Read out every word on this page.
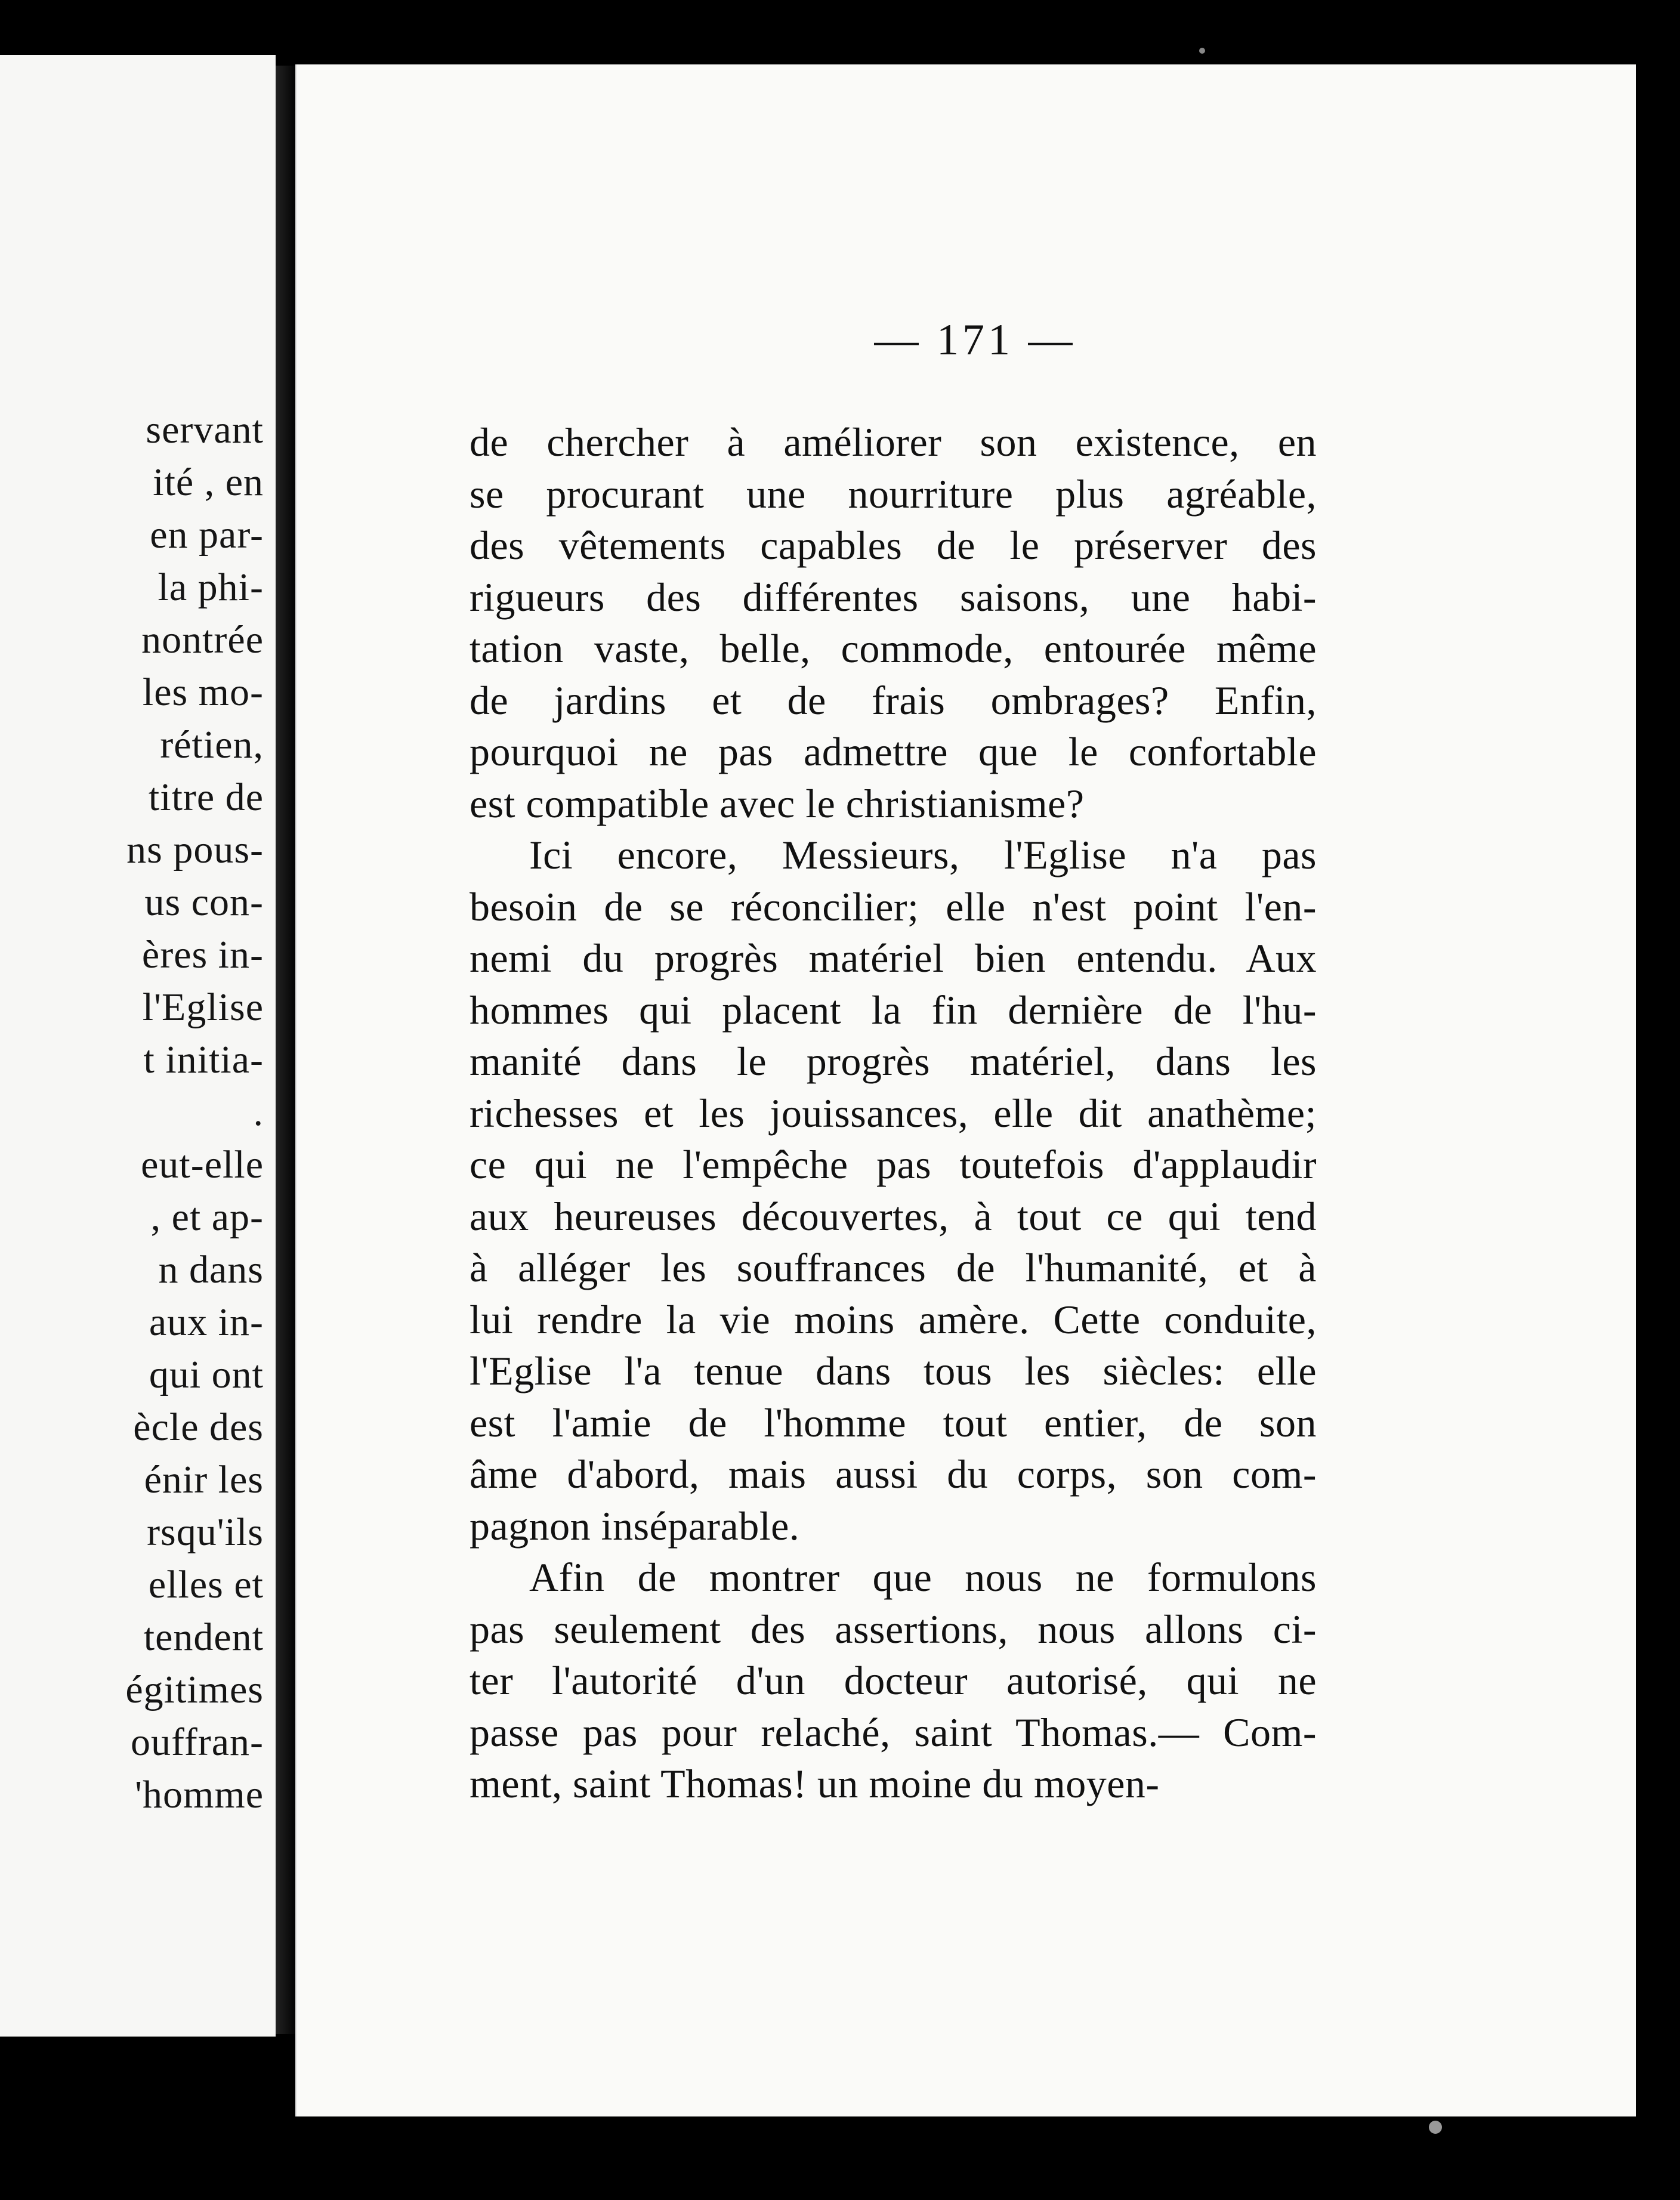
servant
ité , en
en par-
la phi-
nontrée
les mo-
rétien,
titre de
ns pous-
us con-
ères in-
l'Eglise
t initia-
.
eut-elle
, et ap-
n dans
aux in-
qui ont
ècle des
énir les
rsqu'ils
elles et
tendent
égitimes
ouffran-
'homme
— 171 —
de chercher à améliorer son existence, en
se procurant une nourriture plus agréable,
des vêtements capables de le préserver des
rigueurs des différentes saisons, une habi-
tation vaste, belle, commode, entourée même
de jardins et de frais ombrages? Enfin,
pourquoi ne pas admettre que le confortable
est compatible avec le christianisme?
Ici encore, Messieurs, l'Eglise n'a pas
besoin de se réconcilier; elle n'est point l'en-
nemi du progrès matériel bien entendu. Aux
hommes qui placent la fin dernière de l'hu-
manité dans le progrès matériel, dans les
richesses et les jouissances, elle dit anathème;
ce qui ne l'empêche pas toutefois d'applaudir
aux heureuses découvertes, à tout ce qui tend
à alléger les souffrances de l'humanité, et à
lui rendre la vie moins amère. Cette conduite,
l'Eglise l'a tenue dans tous les siècles: elle
est l'amie de l'homme tout entier, de son
âme d'abord, mais aussi du corps, son com-
pagnon inséparable.
Afin de montrer que nous ne formulons
pas seulement des assertions, nous allons ci-
ter l'autorité d'un docteur autorisé, qui ne
passe pas pour relaché, saint Thomas.— Com-
ment, saint Thomas! un moine du moyen-
